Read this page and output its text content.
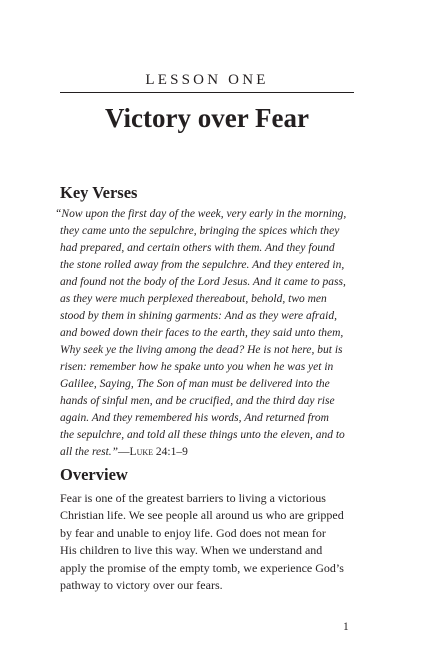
LESSON ONE
Victory over Fear
Key Verses
“Now upon the first day of the week, very early in the morning,
they came unto the sepulchre, bringing the spices which they
had prepared, and certain others with them. And they found
the stone rolled away from the sepulchre. And they entered in,
and found not the body of the Lord Jesus. And it came to pass,
as they were much perplexed thereabout, behold, two men
stood by them in shining garments: And as they were afraid,
and bowed down their faces to the earth, they said unto them,
Why seek ye the living among the dead? He is not here, but is
risen: remember how he spake unto you when he was yet in
Galilee, Saying, The Son of man must be delivered into the
hands of sinful men, and be crucified, and the third day rise
again. And they remembered his words, And returned from
the sepulchre, and told all these things unto the eleven, and to
all the rest.”—Luke 24:1–9
Overview
Fear is one of the greatest barriers to living a victorious
Christian life. We see people all around us who are gripped
by fear and unable to enjoy life. God does not mean for
His children to live this way. When we understand and
apply the promise of the empty tomb, we experience God’s
pathway to victory over our fears.
1
